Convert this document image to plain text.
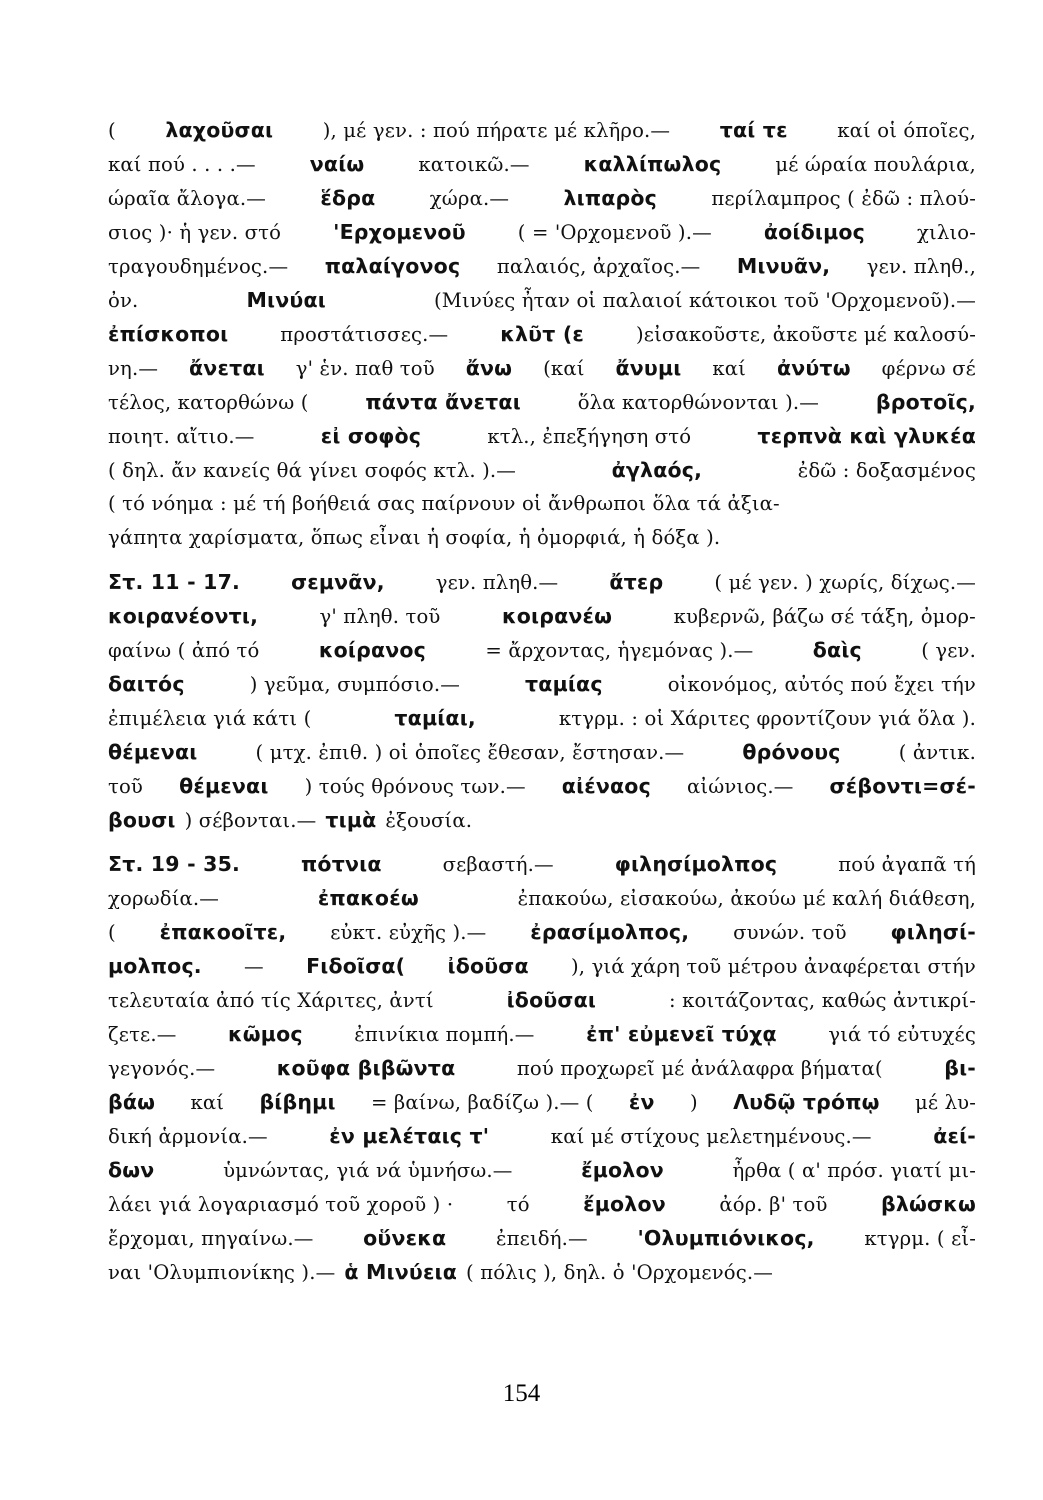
( λαχοῦσαι	), μέ γεν. : πού πήρατε μέ κλῆρο.— ταί τε	καί οἱ όποῖες,
καί πού . . . .—	ναίω	κατοικῶ.—	καλλίπωλος	μέ ώραία πουλάρια,
ώραῖα ἄλογα.—	ἕδρα	χώρα.—	λιπαρὸς	περίλαμπρος ( ἐδῶ : πλού-
σιος )· ἡ γεν. στό	'Ερχομενοῦ	( = 'Ορχομενοῦ ).—	ἀοίδιμος	χιλιο-
τραγουδημένος.— παλαίγονος παλαιός, ἀρχαῖος.— Μινυᾶν, γεν. πληθ.,
ὀν.	Μινύαι	(Μινύες ἦταν οἱ παλαιοί κάτοικοι τοῦ 'Ορχομενοῦ).—
ἐπίσκοποι	προστάτισσες.—	κλῦτ (ε	)εἰσακοῦστε, ἀκοῦστε μέ καλοσύ-
νη.— ἄνεται γ' ἑν. παθ τοῦ ἄνω (καί ἄνυμι καί ἀνύτω φέρνω σέ
τέλος, κατορθώνω (	πάντα ἄνεται	ὅλα κατορθώνονται ).—	βροτοῖς,
ποιητ. αἴτιο.—	εἰ σοφὸς	κτλ., ἐπεξήγηση στό	τερπνὰ καὶ γλυκέα
( δηλ. ἄν κανείς θά γίνει σοφός κτλ. ).—	ἀγλαός,	ἐδῶ : δοξασμένος
( τό νόημα : μέ τή βοήθειά σας παίρνουν οἱ ἄνθρωποι ὅλα τά ἀξια-
γάπητα χαρίσματα, ὅπως εἶναι ἡ σοφία, ἡ ὀμορφιά, ἡ δόξα ).
Στ. 11 - 17. σεμνᾶν,	γεν. πληθ.— ἄτερ	( μέ γεν. ) χωρίς, δίχως.—
κοιρανέοντι,	γ' πληθ. τοῦ	κοιρανέω	κυβερνῶ, βάζω σέ τάξη, ὀμορ-
φαίνω ( ἀπό τό	κοίρανος	= ἄρχοντας, ἡγεμόνας ).—	δαὶς	( γεν.
δαιτός	) γεῦμα, συμπόσιο.—	ταμίας	οἰκονόμος, αὐτός πού ἔχει τήν
ἐπιμέλεια γιά κάτι (	ταμίαι,	κτγρμ. : οἱ Χάριτες φροντίζουν γιά ὅλα ).
θέμεναι	( μτχ. ἐπιθ. ) οἱ ὁποῖες ἔθεσαν, ἔστησαν.—	θρόνους	( ἀντικ.
τοῦ θέμεναι ) τούς θρόνους των.— αἰέναος αἰώνιος.— σέβοντι=σέ-
βουσι ) σέβονται.— τιμὰ ἐξουσία.
Στ. 19 - 35.	πότνια	σεβαστή.—	φιλησίμολπος	πού ἀγαπᾶ τή
χορωδία.—	ἐπακοέω	ἐπακούω, εἰσακούω, ἀκούω μέ καλή διάθεση,
( ἐπακοοῖτε, εὐκτ. εὐχῆς ).— ἐρασίμολπος, συνών. τοῦ φιλησί-
μολπος. — Fιδοῖσα( ἰδοῦσα ), γιά χάρη τοῦ μέτρου ἀναφέρεται στήν
τελευταία ἀπό τίς Χάριτες, ἀντί	ἰδοῦσαι	: κοιτάζοντας, καθώς ἀντικρί-
ζετε.—	κῶμος	ἐπινίκια πομπή.—	ἐπ' εὐμενεῖ τύχᾳ	γιά τό εὐτυχές
γεγονός.—	κοῦφα βιβῶντα	πού προχωρεῖ μέ ἀνάλαφρα βήματα(	βι-
βάω καί βίβημι = βαίνω, βαδίζω ).— ( ἐν ) Λυδῷ τρόπῳ μέ λυ-
δική ἁρμονία.—	ἐν μελέταις τ'	καί μέ στίχους μελετημένους.—	ἀεί-
δων	ὑμνώντας, γιά νά ὑμνήσω.—	ἔμολον	ἦρθα ( α' πρόσ. γιατί μι-
λάει γιά λογαριασμό τοῦ χοροῦ ) ·	τό	ἔμολον	ἀόρ. β' τοῦ	βλώσκω
ἔρχομαι, πηγαίνω.— οὕνεκα	ἐπειδή.— 'Ολυμπιόνικος,	κτγρμ. ( εἶ-
ναι 'Ολυμπιονίκης ).— ἁ Μινύεια ( πόλις ), δηλ. ὁ 'Ορχομενός.—
154
